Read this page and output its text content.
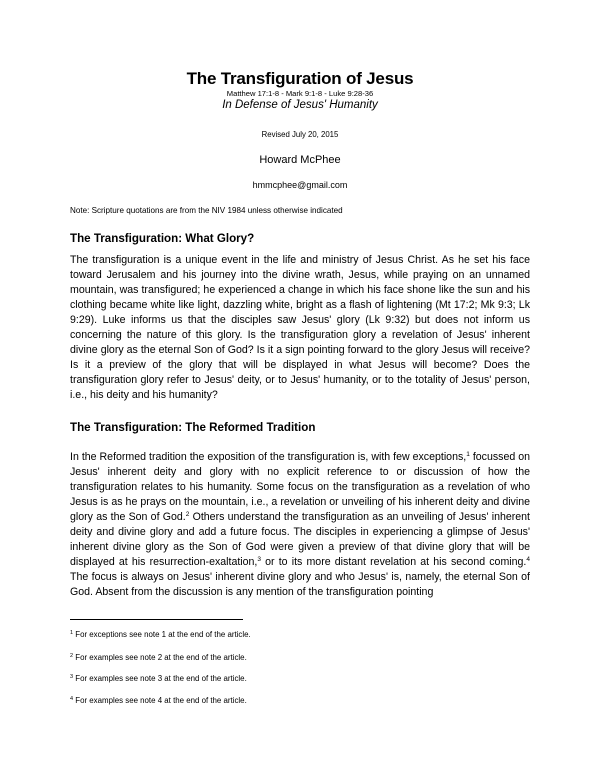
The Transfiguration of Jesus

Matthew 17:1-8 - Mark 9:1-8 - Luke 9:28-36

In Defense of Jesus' Humanity

Revised July 20, 2015

Howard McPhee

hmmcphee@gmail.com

Note: Scripture quotations are from the NIV 1984 unless otherwise indicated

The Transfiguration: What Glory?

The transfiguration is a unique event in the life and ministry of Jesus Christ. As he set his face toward Jerusalem and his journey into the divine wrath, Jesus, while praying on an unnamed mountain, was transfigured; he experienced a change in which his face shone like the sun and his clothing became white like light, dazzling white, bright as a flash of lightening (Mt 17:2; Mk 9:3; Lk 9:29). Luke informs us that the disciples saw Jesus' glory (Lk 9:32) but does not inform us concerning the nature of this glory. Is the transfiguration glory a revelation of Jesus' inherent divine glory as the eternal Son of God? Is it a sign pointing forward to the glory Jesus will receive? Is it a preview of the glory that will be displayed in what Jesus will become? Does the transfiguration glory refer to Jesus' deity, or to Jesus' humanity, or to the totality of Jesus' person, i.e., his deity and his humanity?

The Transfiguration: The Reformed Tradition

In the Reformed tradition the exposition of the transfiguration is, with few exceptions,$^1$ focussed on Jesus' inherent deity and glory with no explicit reference to or discussion of how the transfiguration relates to his humanity. Some focus on the transfiguration as a revelation of who Jesus is as he prays on the mountain, i.e., a revelation or unveiling of his inherent deity and divine glory as the Son of God.$^2$ Others understand the transfiguration as an unveiling of Jesus' inherent deity and divine glory and add a future focus. The disciples in experiencing a glimpse of Jesus' inherent divine glory as the Son of God were given a preview of that divine glory that will be displayed at his resurrection-exaltation,$^3$ or to its more distant revelation at his second coming.$^4$ The focus is always on Jesus' inherent divine glory and who Jesus' is, namely, the eternal Son of God. Absent from the discussion is any mention of the transfiguration pointing

$^1$ For exceptions see note 1 at the end of the article.

$^2$ For examples see note 2 at the end of the article.

$^3$ For examples see note 3 at the end of the article.

$^4$ For examples see note 4 at the end of the article.
